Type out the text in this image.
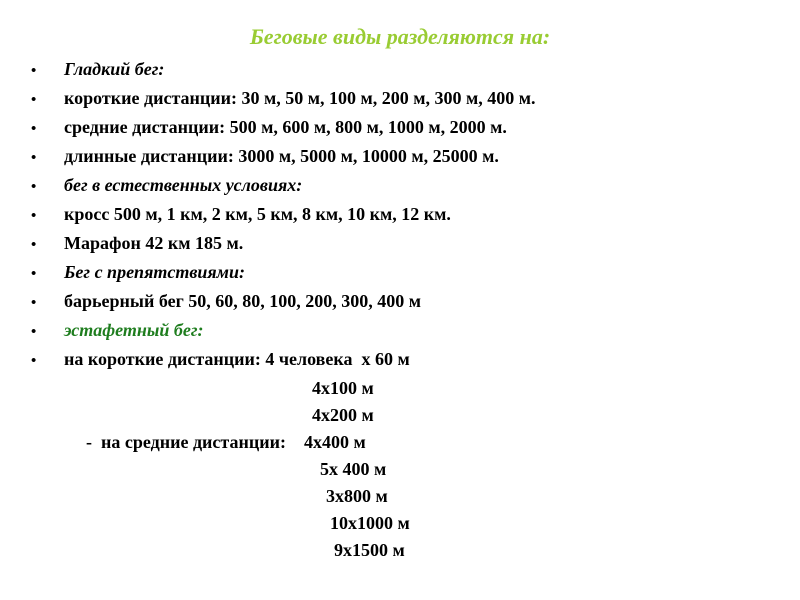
Беговые виды разделяются на:
•	Гладкий бег:
•	короткие дистанции: 30 м, 50 м, 100 м, 200 м, 300 м, 400 м.
•	средние дистанции: 500 м, 600 м, 800 м, 1000 м, 2000 м.
•	длинные дистанции: 3000 м, 5000 м, 10000 м, 25000 м.
•	бег в естественных условиях:
•	кросс 500 м, 1 км, 2 км, 5 км, 8 км, 10 км, 12 км.
•	Марафон 42 км 185 м.
•	Бег с препятствиями:
•	барьерный бег 50, 60, 80, 100, 200, 300, 400 м
•	эстафетный бег:
•	на короткие дистанции: 4 человека  х 60 м
4х100 м
4х200 м
-  на средние дистанции:    4х400 м
5х 400 м
3х800 м
10х1000 м
9х1500 м
